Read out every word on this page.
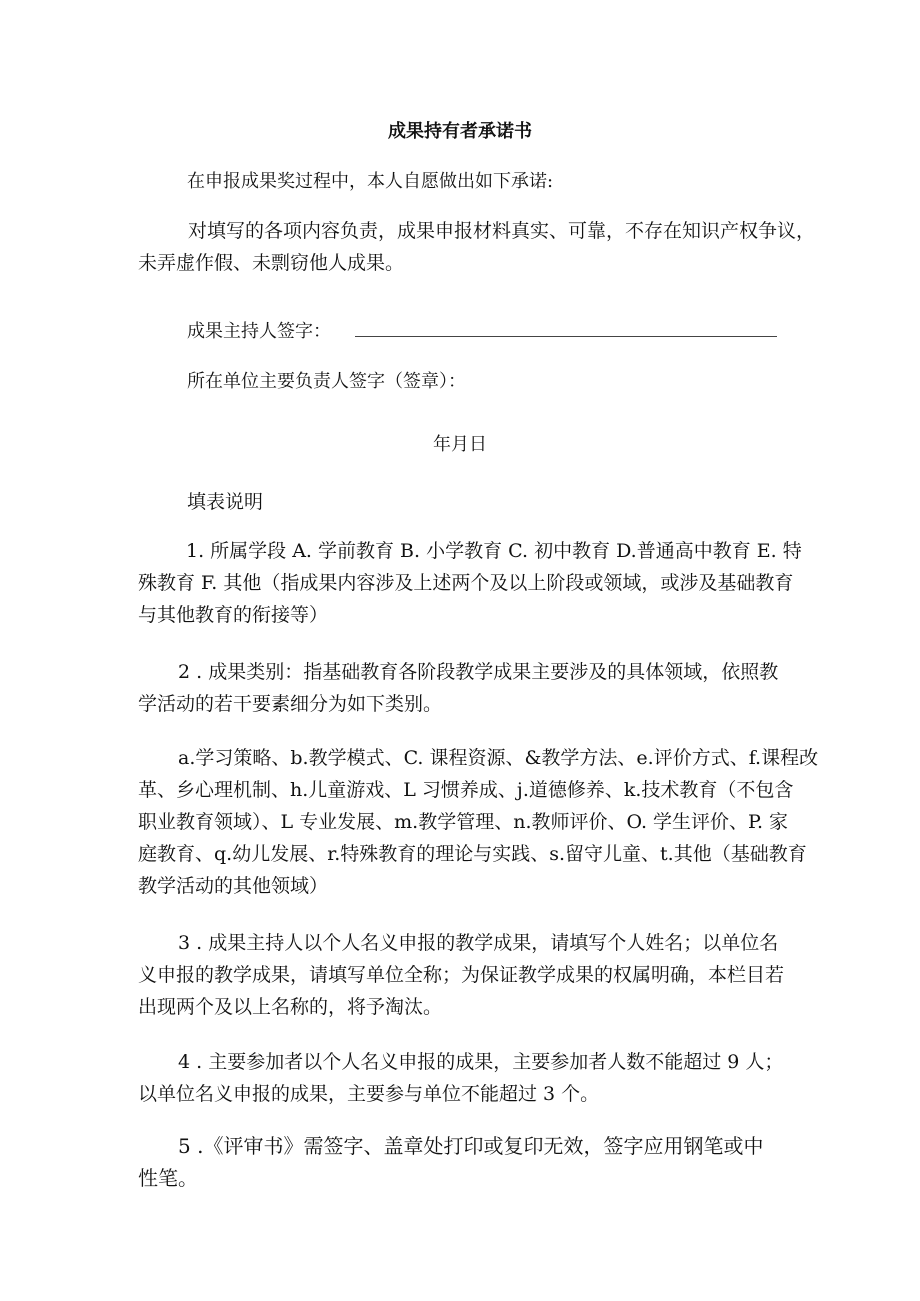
成果持有者承诺书

在申报成果奖过程中，本人自愿做出如下承诺:

对填写的各项内容负责，成果申报材料真实、可靠，不存在知识产权争议，
未弄虚作假、未剽窃他人成果。
成果主持人签字：

所在单位主要负责人签字（签章）：

年月日

填表说明
1. 所属学段 A. 学前教育 B. 小学教育 C. 初中教育 D.普通高中教育 E. 特
殊教育 F. 其他（指成果内容涉及上述两个及以上阶段或领域，或涉及基础教育
与其他教育的衔接等）
2 . 成果类别：指基础教育各阶段教学成果主要涉及的具体领域，依照教
学活动的若干要素细分为如下类别。
a.学习策略、b.教学模式、C. 课程资源、&教学方法、e.评价方式、f.课程改
革、乡心理机制、h.儿童游戏、L 习惯养成、j.道德修养、k.技术教育（不包含
职业教育领域）、L 专业发展、m.教学管理、n.教师评价、O. 学生评价、P. 家
庭教育、q.幼儿发展、r.特殊教育的理论与实践、s.留守儿童、t.其他（基础教育
教学活动的其他领域）
3 . 成果主持人以个人名义申报的教学成果，请填写个人姓名；以单位名
义申报的教学成果，请填写单位全称；为保证教学成果的权属明确，本栏目若
出现两个及以上名称的，将予淘汰。
4 . 主要参加者以个人名义申报的成果，主要参加者人数不能超过 9 人；
以单位名义申报的成果，主要参与单位不能超过 3 个。
5 .《评审书》需签字、盖章处打印或复印无效，签字应用钢笔或中
性笔。
